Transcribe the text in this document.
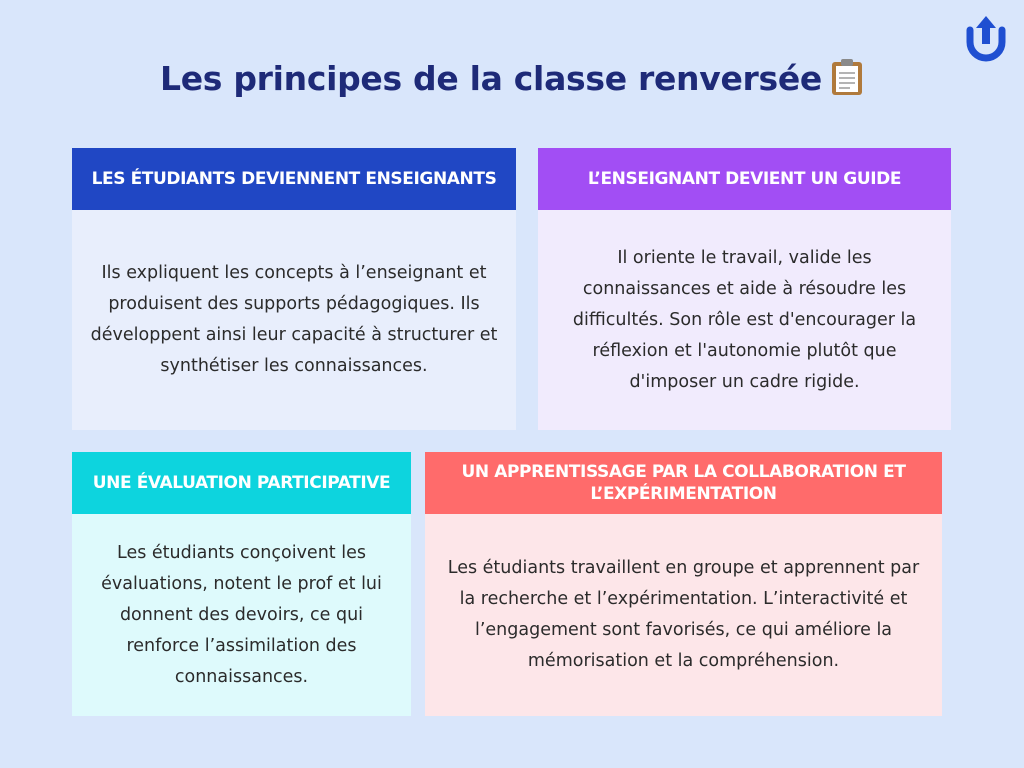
Les principes de la classe renversée
LES ÉTUDIANTS DEVIENNENT ENSEIGNANTS
Ils expliquent les concepts à l’enseignant et produisent des supports pédagogiques. Ils développent ainsi leur capacité à structurer et synthétiser les connaissances.
L’ENSEIGNANT DEVIENT UN GUIDE
Il oriente le travail, valide les connaissances et aide à résoudre les difficultés. Son rôle est d'encourager la réflexion et l'autonomie plutôt que d'imposer un cadre rigide.
UNE ÉVALUATION PARTICIPATIVE
Les étudiants conçoivent les évaluations, notent le prof et lui donnent des devoirs, ce qui renforce l’assimilation des connaissances.
UN APPRENTISSAGE PAR LA COLLABORATION ET L’EXPÉRIMENTATION
Les étudiants travaillent en groupe et apprennent par la recherche et l’expérimentation. L’interactivité et l’engagement sont favorisés, ce qui améliore la mémorisation et la compréhension.
